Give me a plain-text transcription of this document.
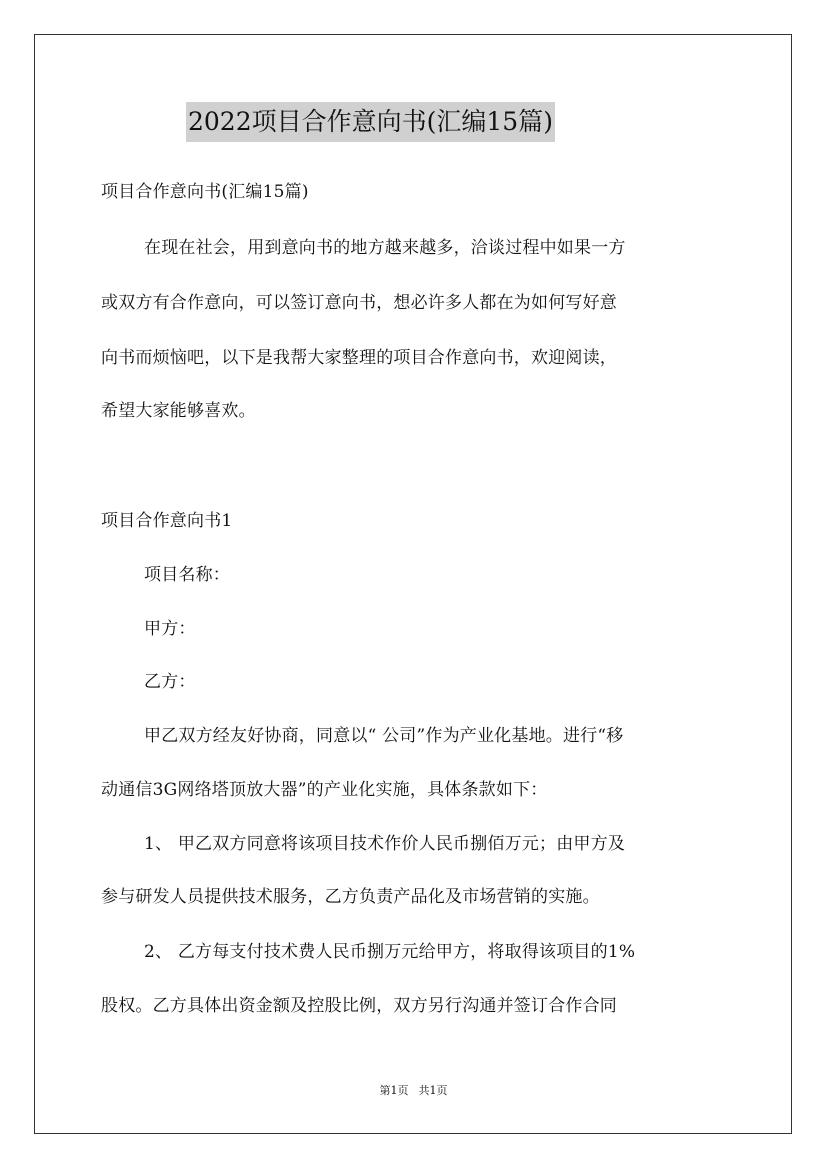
2022项目合作意向书(汇编15篇)
项目合作意向书(汇编15篇)
在现在社会，用到意向书的地方越来越多，洽谈过程中如果一方
或双方有合作意向，可以签订意向书，想必许多人都在为如何写好意
向书而烦恼吧，以下是我帮大家整理的项目合作意向书，欢迎阅读，
希望大家能够喜欢。
项目合作意向书1
项目名称：
甲方：
乙方：
甲乙双方经友好协商，同意以“ 公司”作为产业化基地。进行“移
动通信3G网络塔顶放大器”的产业化实施，具体条款如下：
1、 甲乙双方同意将该项目技术作价人民币捌佰万元；由甲方及
参与研发人员提供技术服务，乙方负责产品化及市场营销的实施。
2、 乙方每支付技术费人民币捌万元给甲方，将取得该项目的1%
股权。乙方具体出资金额及控股比例，双方另行沟通并签订合作合同
第1页 共1页
